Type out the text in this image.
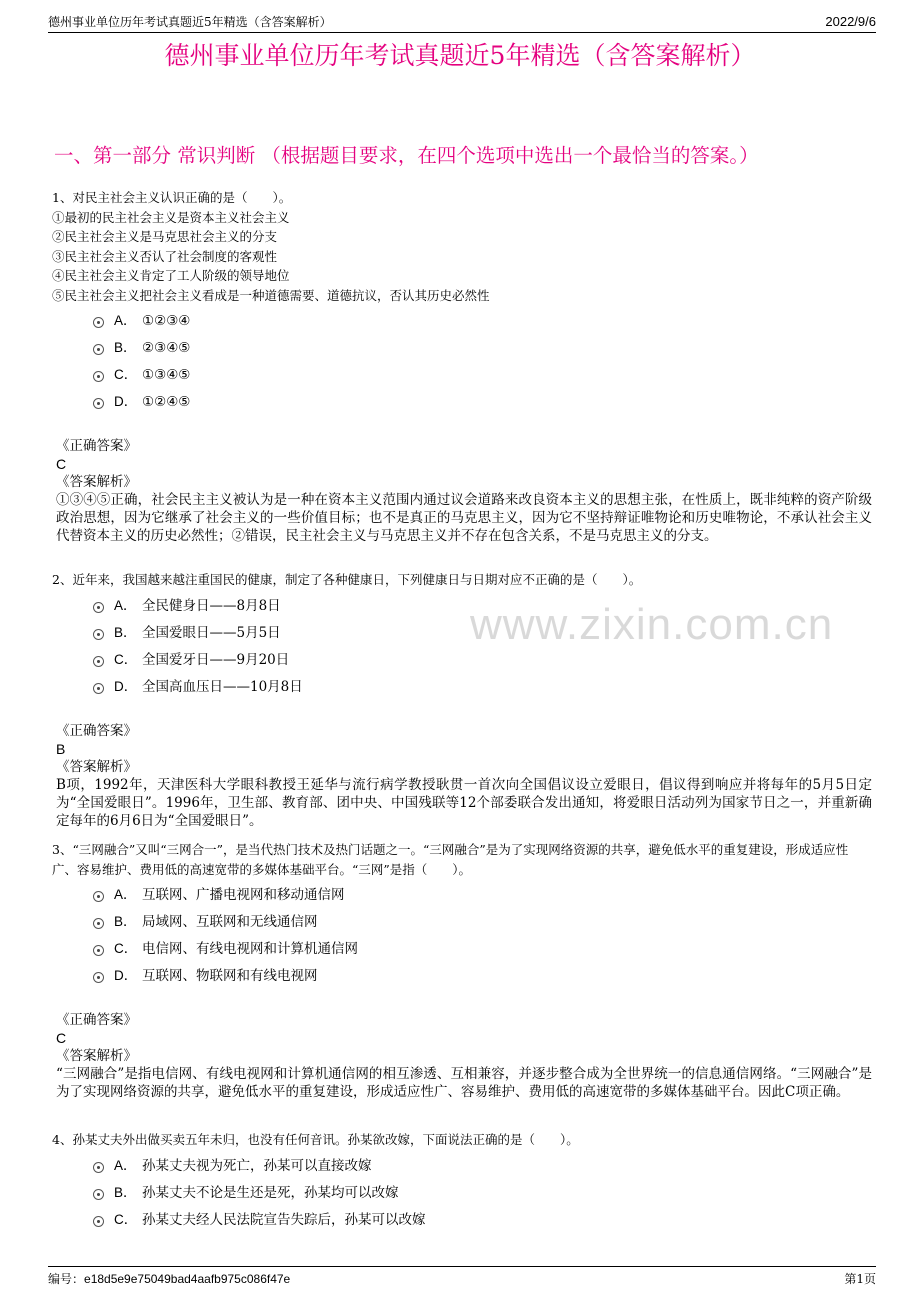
德州事业单位历年考试真题近5年精选（含答案解析）	2022/9/6
德州事业单位历年考试真题近5年精选（含答案解析）
一、第一部分 常识判断 （根据题目要求，在四个选项中选出一个最恰当的答案。）
www.zixin.com.cn
1、对民主社会主义认识正确的是（　　）。
①最初的民主社会主义是资本主义社会主义
②民主社会主义是马克思社会主义的分支
③民主社会主义否认了社会制度的客观性
④民主社会主义肯定了工人阶级的领导地位
⑤民主社会主义把社会主义看成是一种道德需要、道德抗议，否认其历史必然性
A． ①②③④
B． ②③④⑤
C． ①③④⑤
D． ①②④⑤
《正确答案》
C
《答案解析》
①③④⑤正确，社会民主主义被认为是一种在资本主义范围内通过议会道路来改良资本主义的思想主张，在性质上，既非纯粹的资产阶级政治思想，因为它继承了社会主义的一些价值目标；也不是真正的马克思主义，因为它不坚持辩证唯物论和历史唯物论，不承认社会主义代替资本主义的历史必然性；②错误，民主社会主义与马克思主义并不存在包含关系，不是马克思主义的分支。
2、近年来，我国越来越注重国民的健康，制定了各种健康日，下列健康日与日期对应不正确的是（　　）。
A． 全民健身日——8月8日
B． 全国爱眼日——5月5日
C． 全国爱牙日——9月20日
D． 全国高血压日——10月8日
《正确答案》
B
《答案解析》
B项，1992年，天津医科大学眼科教授王延华与流行病学教授耿贯一首次向全国倡议设立爱眼日，倡议得到响应并将每年的5月5日定为“全国爱眼日”。1996年，卫生部、教育部、团中央、中国残联等12个部委联合发出通知，将爱眼日活动列为国家节日之一，并重新确定每年的6月6日为“全国爱眼日”。
3、“三网融合”又叫“三网合一”，是当代热门技术及热门话题之一。“三网融合”是为了实现网络资源的共享，避免低水平的重复建设，形成适应性广、容易维护、费用低的高速宽带的多媒体基础平台。“三网”是指（　　）。
A． 互联网、广播电视网和移动通信网
B． 局域网、互联网和无线通信网
C． 电信网、有线电视网和计算机通信网
D． 互联网、物联网和有线电视网
《正确答案》
C
《答案解析》
“三网融合”是指电信网、有线电视网和计算机通信网的相互渗透、互相兼容，并逐步整合成为全世界统一的信息通信网络。“三网融合”是为了实现网络资源的共享，避免低水平的重复建设，形成适应性广、容易维护、费用低的高速宽带的多媒体基础平台。因此C项正确。
4、孙某丈夫外出做买卖五年未归，也没有任何音讯。孙某欲改嫁，下面说法正确的是（　　）。
A． 孙某丈夫视为死亡，孙某可以直接改嫁
B． 孙某丈夫不论是生还是死，孙某均可以改嫁
C． 孙某丈夫经人民法院宣告失踪后，孙某可以改嫁
编号：e18d5e9e75049bad4aafb975c086f47e	第1页
